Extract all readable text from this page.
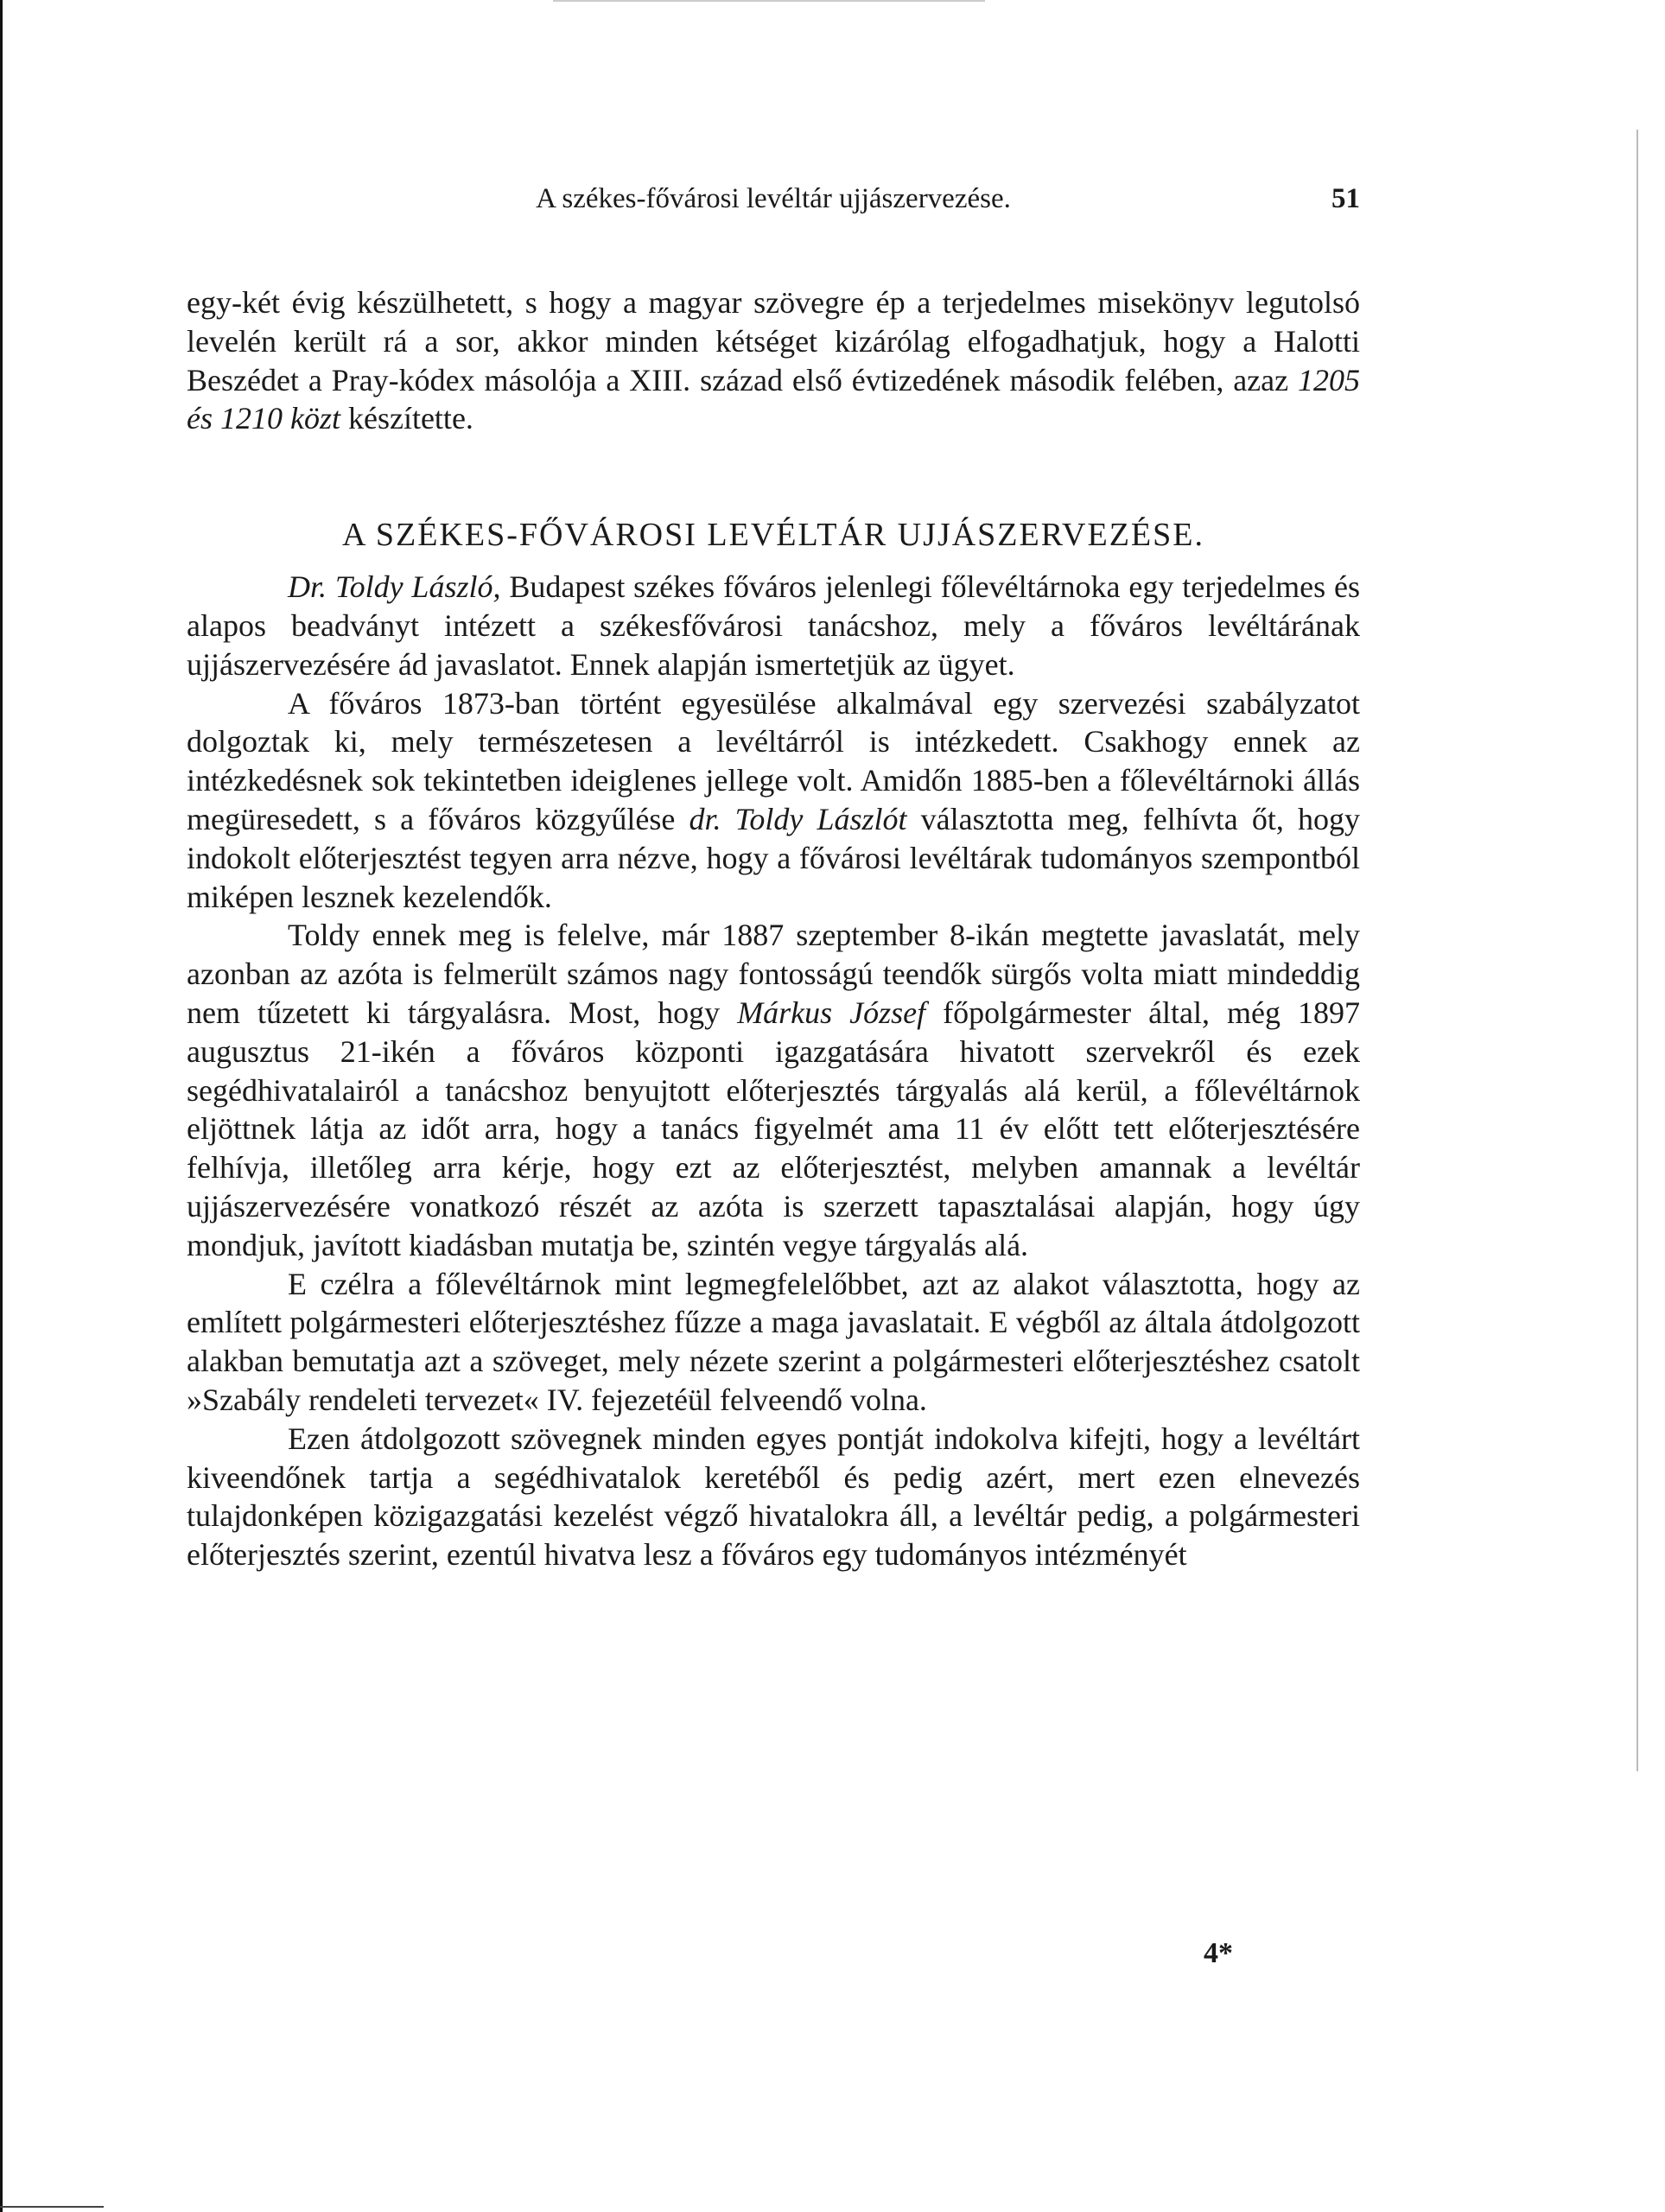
A székes-fővárosi levéltár ujjászervezése.	51

egy-két évig készülhetett, s hogy a magyar szövegre ép a terjedelmes misekönyv legutolsó levelén került rá a sor, akkor minden kétséget kizárólag elfogadhatjuk, hogy a Halotti Beszédet a Pray-kódex másolója a XIII. század első évtizedének második felében, azaz 1205 és 1210 közt készítette.

A SZÉKES-FŐVÁROSI LEVÉLTÁR UJJÁSZERVEZÉSE.

Dr. Toldy László, Budapest székes főváros jelenlegi főlevéltárnoka egy terjedelmes és alapos beadványt intézett a székesfővárosi tanácshoz, mely a főváros levéltárának ujjászervezésére ád javaslatot. Ennek alapján ismertetjük az ügyet.

A főváros 1873-ban történt egyesülése alkalmával egy szervezési szabályzatot dolgoztak ki, mely természetesen a levéltárról is intézkedett. Csakhogy ennek az intézkedésnek sok tekintetben ideiglenes jellege volt. Amidőn 1885-ben a főlevéltárnoki állás megüresedett, s a főváros közgyűlése dr. Toldy Lászlót választotta meg, felhívta őt, hogy indokolt előterjesztést tegyen arra nézve, hogy a fővárosi levéltárak tudományos szempontból miképen lesznek kezelendők.

Toldy ennek meg is felelve, már 1887 szeptember 8-ikán megtette javaslatát, mely azonban az azóta is felmerült számos nagy fontosságú teendők sürgős volta miatt mindeddig nem tűzetett ki tárgyalásra. Most, hogy Márkus József főpolgármester által, még 1897 augusztus 21-ikén a főváros központi igazgatására hivatott szervekről és ezek segédhivatalairól a tanácshoz benyujtott előterjesztés tárgyalás alá kerül, a főlevéltárnok eljöttnek látja az időt arra, hogy a tanács figyelmét ama 11 év előtt tett előterjesztésére felhívja, illetőleg arra kérje, hogy ezt az előterjesztést, melyben amannak a levéltár ujjászervezésére vonatkozó részét az azóta is szerzett tapasztalásai alapján, hogy úgy mondjuk, javított kiadásban mutatja be, szintén vegye tárgyalás alá.

E czélra a főlevéltárnok mint legmegfelelőbbet, azt az alakot választotta, hogy az említett polgármesteri előterjesztéshez fűzze a maga javaslatait. E végből az általa átdolgozott alakban bemutatja azt a szöveget, mely nézete szerint a polgármesteri előterjesztéshez csatolt »Szabály rendeleti tervezet« IV. fejezetéül felveendő volna.

Ezen átdolgozott szövegnek minden egyes pontját indokolva kifejti, hogy a levéltárt kiveendőnek tartja a segédhivatalok keretéből és pedig azért, mert ezen elnevezés tulajdonképen közigazgatási kezelést végző hivatalokra áll, a levéltár pedig, a polgármesteri előterjesztés szerint, ezentúl hivatva lesz a főváros egy tudományos intézményét

4*
